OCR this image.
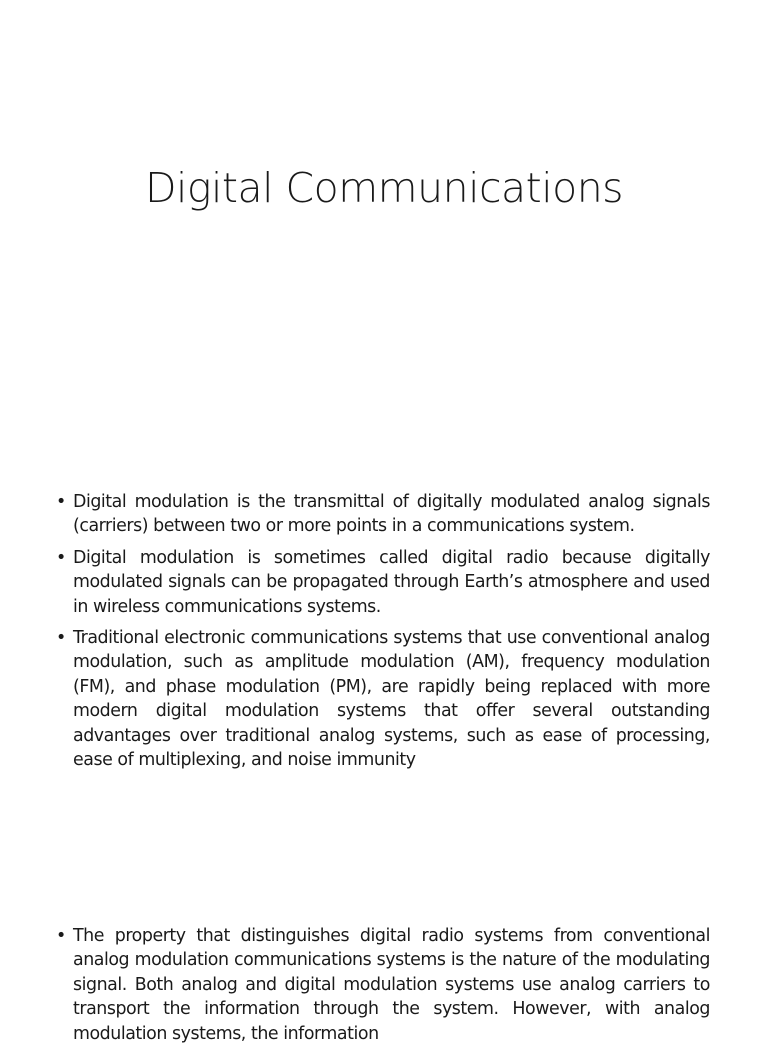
Digital Communications
• Digital modulation is the transmittal of digitally modulated analog signals (carriers) between two or more points in a communications system.
• Digital modulation is sometimes called digital radio because digitally modulated signals can be propagated through Earth’s atmosphere and used in wireless communications systems.
• Traditional electronic communications systems that use conventional analog modulation, such as amplitude modulation (AM), frequency modulation (FM), and phase modulation (PM), are rapidly being replaced with more modern digital modulation systems that offer several outstanding advantages over traditional analog systems, such as ease of processing, ease of multiplexing, and noise immunity
• The property that distinguishes digital radio systems from conventional analog modulation communications systems is the nature of the modulating signal. Both analog and digital modulation systems use analog carriers to transport the information through the system. However, with analog modulation systems, the information
